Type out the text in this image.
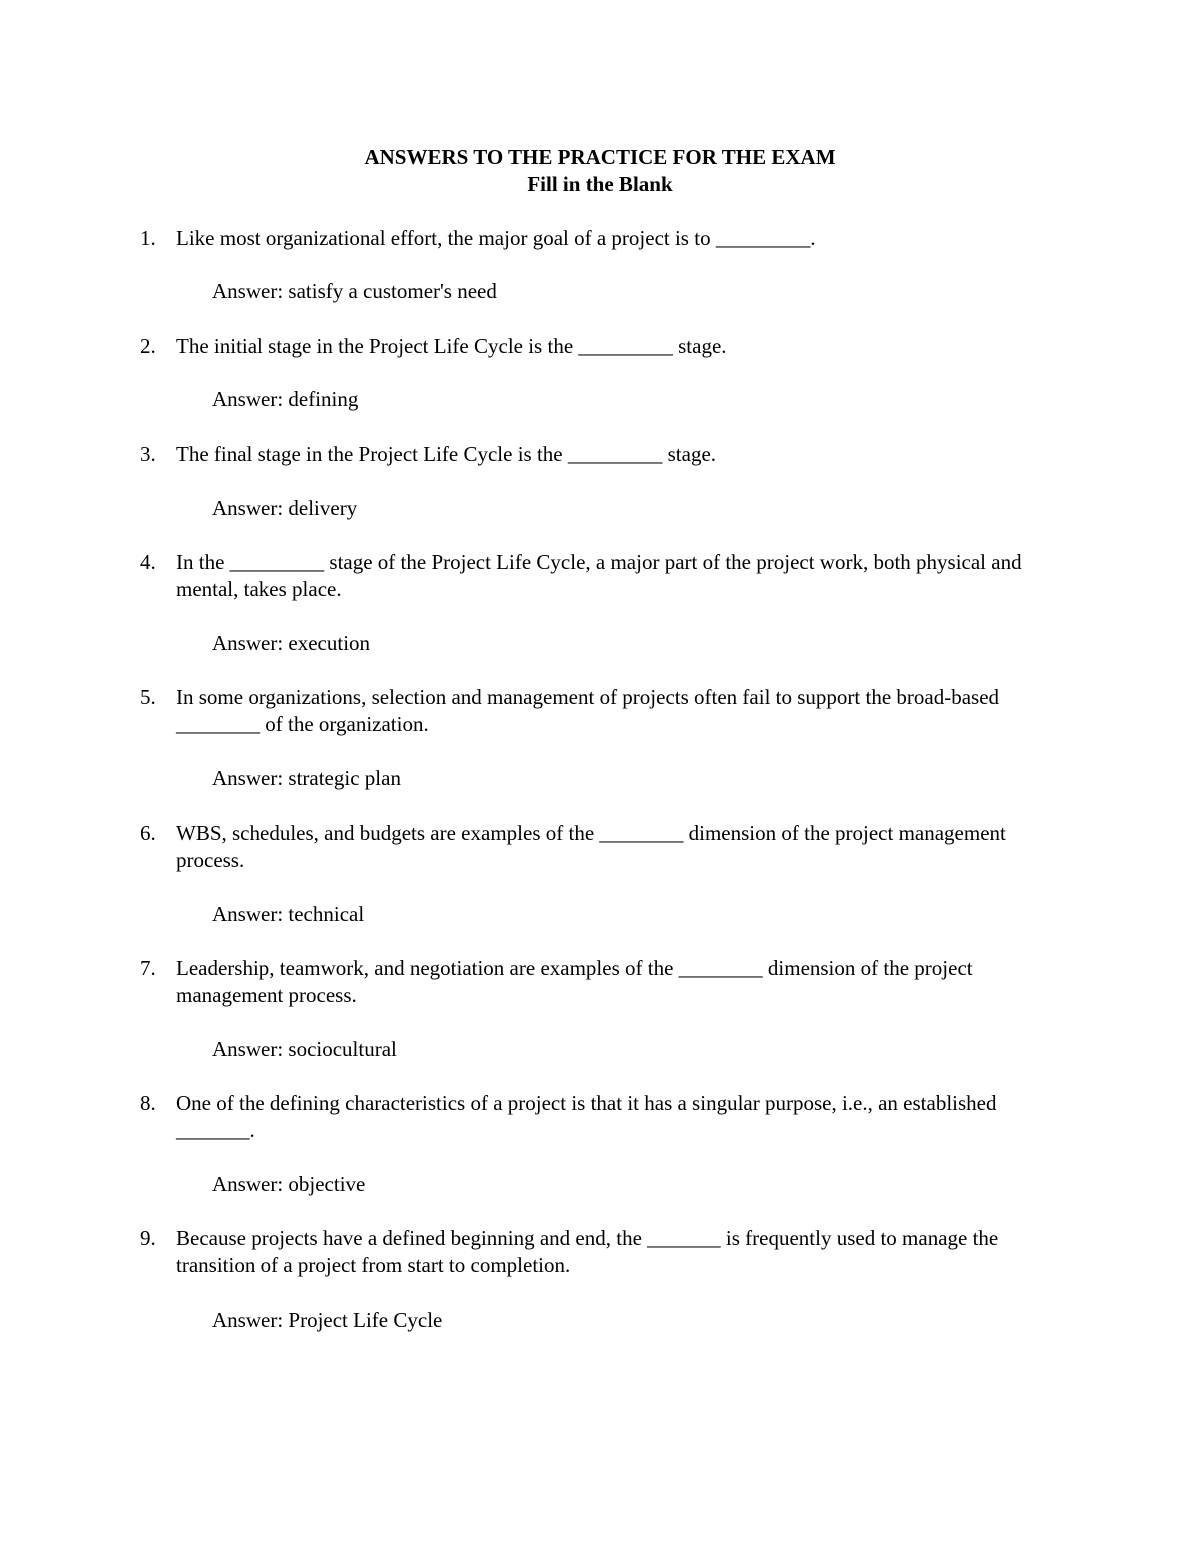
ANSWERS TO THE PRACTICE FOR THE EXAM
Fill in the Blank
1. Like most organizational effort, the major goal of a project is to _________.
Answer: satisfy a customer's need
2. The initial stage in the Project Life Cycle is the _________ stage.
Answer: defining
3. The final stage in the Project Life Cycle is the _________ stage.
Answer: delivery
4. In the _________ stage of the Project Life Cycle, a major part of the project work, both physical and mental, takes place.
Answer: execution
5. In some organizations, selection and management of projects often fail to support the broad-based ________ of the organization.
Answer: strategic plan
6. WBS, schedules, and budgets are examples of the ________ dimension of the project management process.
Answer: technical
7. Leadership, teamwork, and negotiation are examples of the ________ dimension of the project management process.
Answer: sociocultural
8. One of the defining characteristics of a project is that it has a singular purpose, i.e., an established _______.
Answer: objective
9. Because projects have a defined beginning and end, the _______ is frequently used to manage the transition of a project from start to completion.
Answer: Project Life Cycle
